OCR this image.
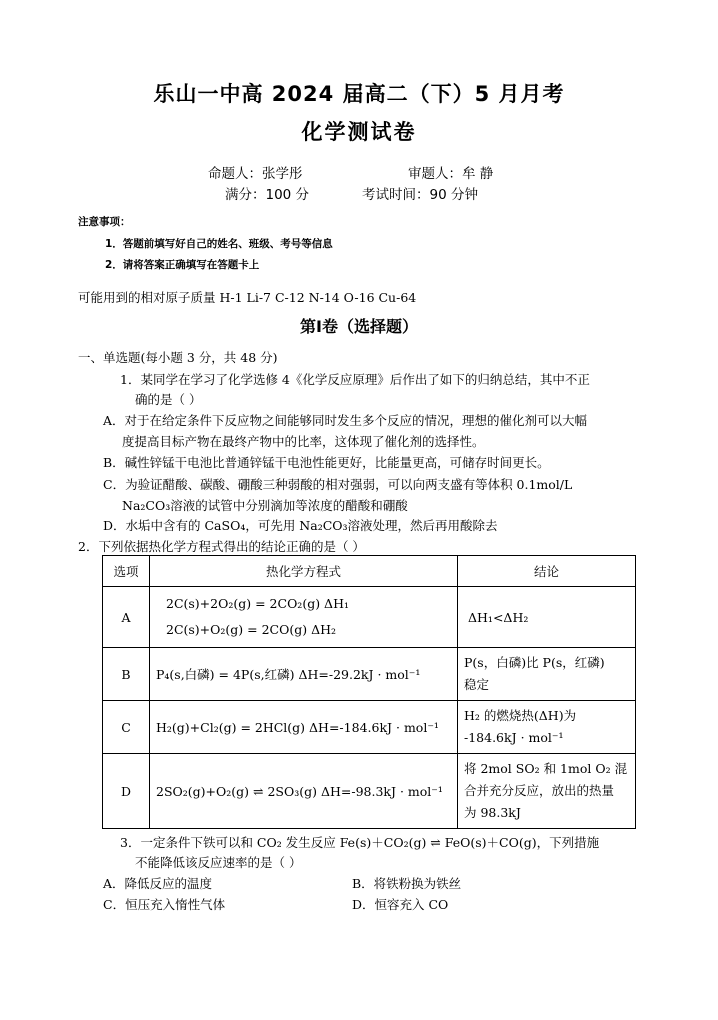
乐山一中高 2024 届高二（下）5 月月考
化学测试卷
命题人：张学彤	审题人：牟 静
满分：100 分	考试时间：90 分钟
注意事项：
1．答题前填写好自己的姓名、班级、考号等信息
2．请将答案正确填写在答题卡上
可能用到的相对原子质量 H-1 Li-7 C-12 N-14 O-16 Cu-64
第Ⅰ卷（选择题）
一、单选题(每小题 3 分，共 48 分)
1．某同学在学习了化学选修 4《化学反应原理》后作出了如下的归纳总结，其中不正
确的是（ ）
A．对于在给定条件下反应物之间能够同时发生多个反应的情况，理想的催化剂可以大幅
度提高目标产物在最终产物中的比率，这体现了催化剂的选择性。
B．碱性锌锰干电池比普通锌锰干电池性能更好，比能量更高，可储存时间更长。
C．为验证醋酸、碳酸、硼酸三种弱酸的相对强弱，可以向两支盛有等体积 0.1mol/L
Na₂CO₃溶液的试管中分别滴加等浓度的醋酸和硼酸
D．水垢中含有的 CaSO₄，可先用 Na₂CO₃溶液处理，然后再用酸除去
2．下列依据热化学方程式得出的结论正确的是（ ）
选项	热化学方程式	结论
A	2C(s)+2O₂(g) = 2CO₂(g) ΔH₁
2C(s)+O₂(g) = 2CO(g) ΔH₂	ΔH₁<ΔH₂
B	P₄(s,白磷) = 4P(s,红磷) ΔH=-29.2kJ · mol⁻¹	P(s，白磷)比 P(s，红磷)
稳定

C	H₂(g)+Cl₂(g) = 2HCl(g) ΔH=-184.6kJ · mol⁻¹	H₂ 的燃烧热(ΔH)为
-184.6kJ · mol⁻¹

D	2SO₂(g)+O₂(g) ⇌ 2SO₃(g) ΔH=-98.3kJ · mol⁻¹	将 2mol SO₂ 和 1mol O₂ 混
合并充分反应，放出的热量
为 98.3kJ
3．一定条件下铁可以和 CO₂ 发生反应 Fe(s)＋CO₂(g) ⇌ FeO(s)＋CO(g)，下列措施
不能降低该反应速率的是（ ）
A．降低反应的温度	B．将铁粉换为铁丝
C．恒压充入惰性气体	D．恒容充入 CO
